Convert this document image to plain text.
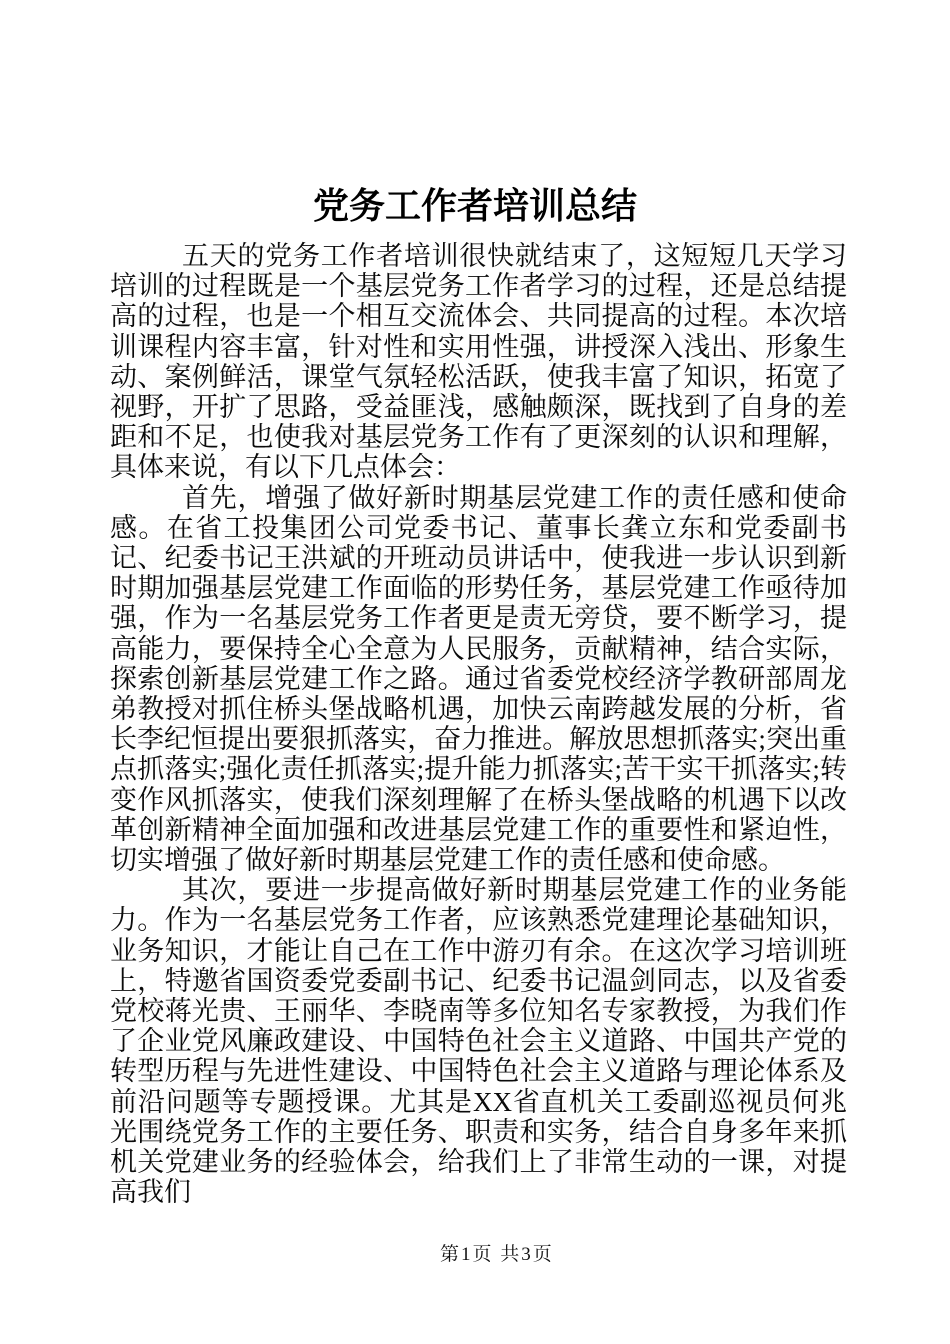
党务工作者培训总结

五天的党务工作者培训很快就结束了，这短短几天学习培训的过程既是一个基层党务工作者学习的过程，还是总结提高的过程，也是一个相互交流体会、共同提高的过程。本次培训课程内容丰富，针对性和实用性强，讲授深入浅出、形象生动、案例鲜活，课堂气氛轻松活跃，使我丰富了知识，拓宽了视野，开扩了思路，受益匪浅，感触颇深，既找到了自身的差距和不足，也使我对基层党务工作有了更深刻的认识和理解，具体来说，有以下几点体会：

首先，增强了做好新时期基层党建工作的责任感和使命感。在省工投集团公司党委书记、董事长龚立东和党委副书记、纪委书记王洪斌的开班动员讲话中，使我进一步认识到新时期加强基层党建工作面临的形势任务，基层党建工作亟待加强，作为一名基层党务工作者更是责无旁贷，要不断学习，提高能力，要保持全心全意为人民服务，贡献精神，结合实际，探索创新基层党建工作之路。通过省委党校经济学教研部周龙弟教授对抓住桥头堡战略机遇，加快云南跨越发展的分析，省长李纪恒提出要狠抓落实，奋力推进。解放思想抓落实;突出重点抓落实;强化责任抓落实;提升能力抓落实;苦干实干抓落实;转变作风抓落实，使我们深刻理解了在桥头堡战略的机遇下以改革创新精神全面加强和改进基层党建工作的重要性和紧迫性，切实增强了做好新时期基层党建工作的责任感和使命感。

其次，要进一步提高做好新时期基层党建工作的业务能力。作为一名基层党务工作者，应该熟悉党建理论基础知识，业务知识，才能让自己在工作中游刃有余。在这次学习培训班上，特邀省国资委党委副书记、纪委书记温剑同志，以及省委党校蒋光贵、王丽华、李晓南等多位知名专家教授，为我们作了企业党风廉政建设、中国特色社会主义道路、中国共产党的转型历程与先进性建设、中国特色社会主义道路与理论体系及前沿问题等专题授课。尤其是XX省直机关工委副巡视员何兆光围绕党务工作的主要任务、职责和实务，结合自身多年来抓机关党建业务的经验体会，给我们上了非常生动的一课，对提高我们

第1页 共3页
